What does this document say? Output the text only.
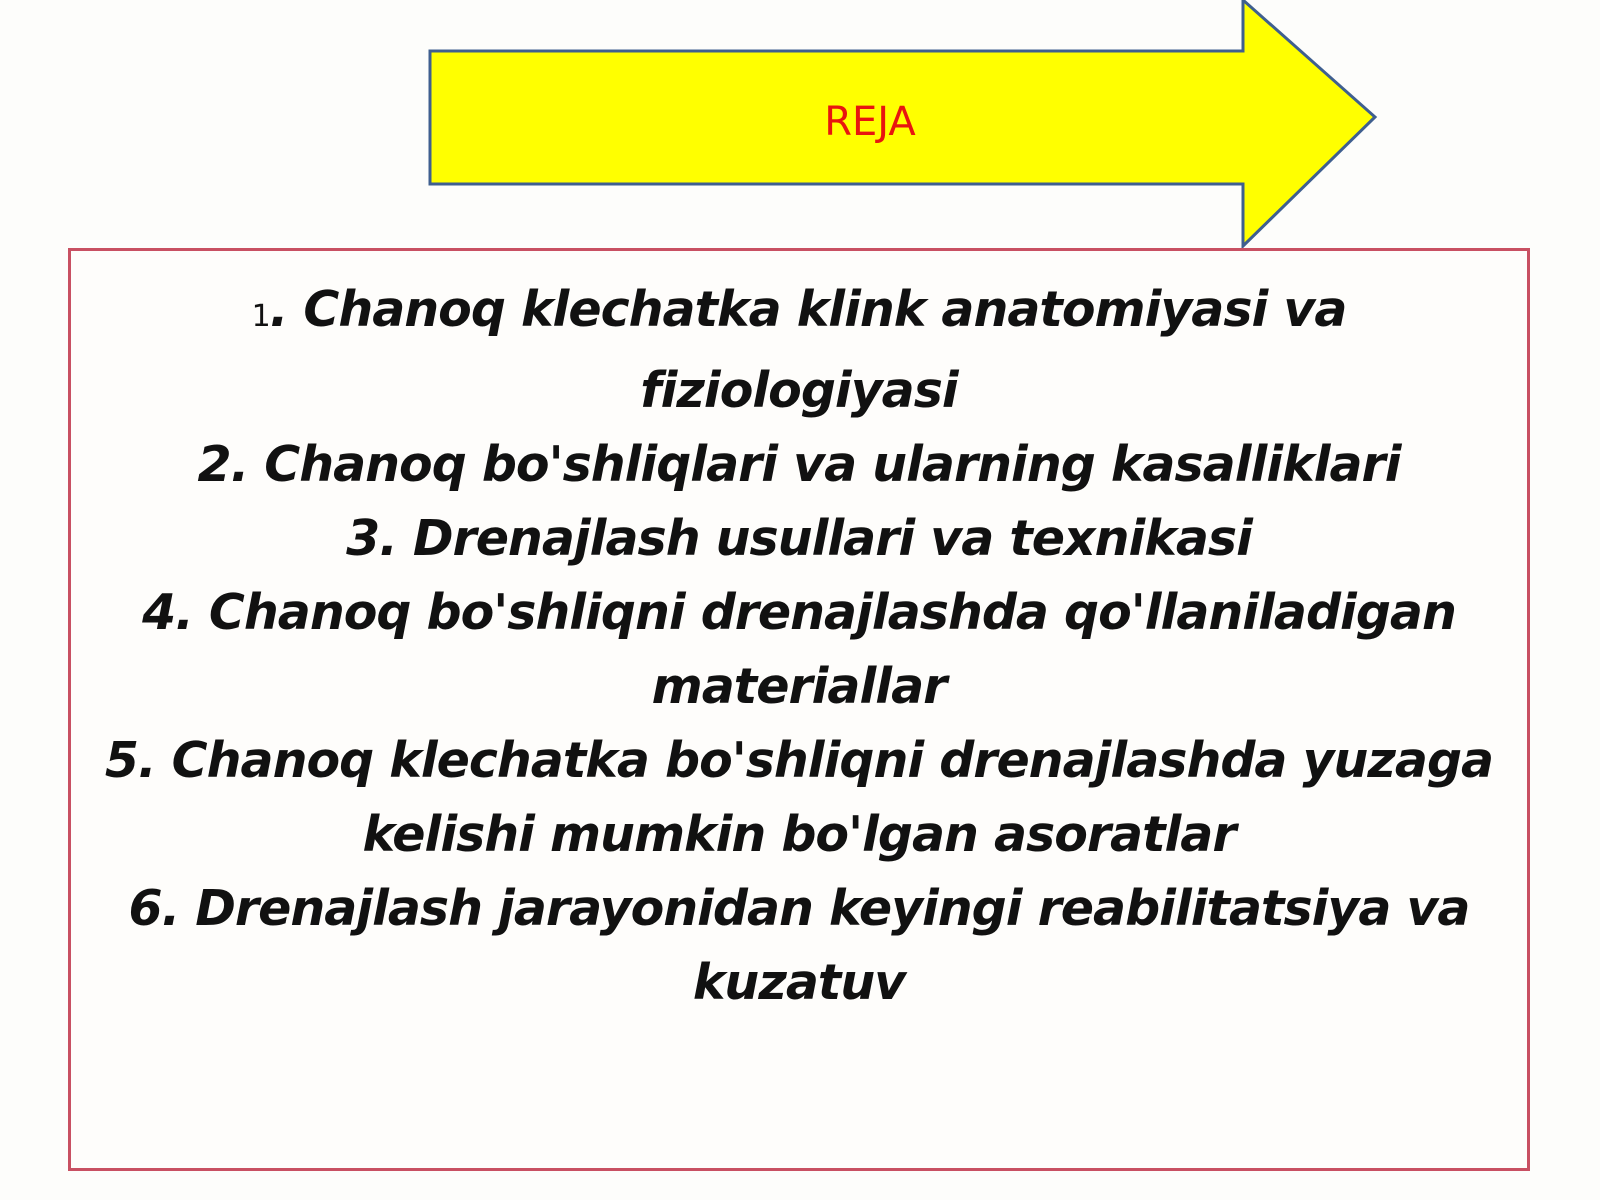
REJA
1. Chanoq klechatka klink anatomiyasi va fiziologiyasi
2. Chanoq bo'shliqlari va ularning kasalliklari
3. Drenajlash usullari va texnikasi
4. Chanoq bo'shliqni drenajlashda qo'llaniladigan materiallar
5. Chanoq klechatka bo'shliqni drenajlashda yuzaga kelishi mumkin bo'lgan asoratlar
6. Drenajlash jarayonidan keyingi reabilitatsiya va kuzatuv
